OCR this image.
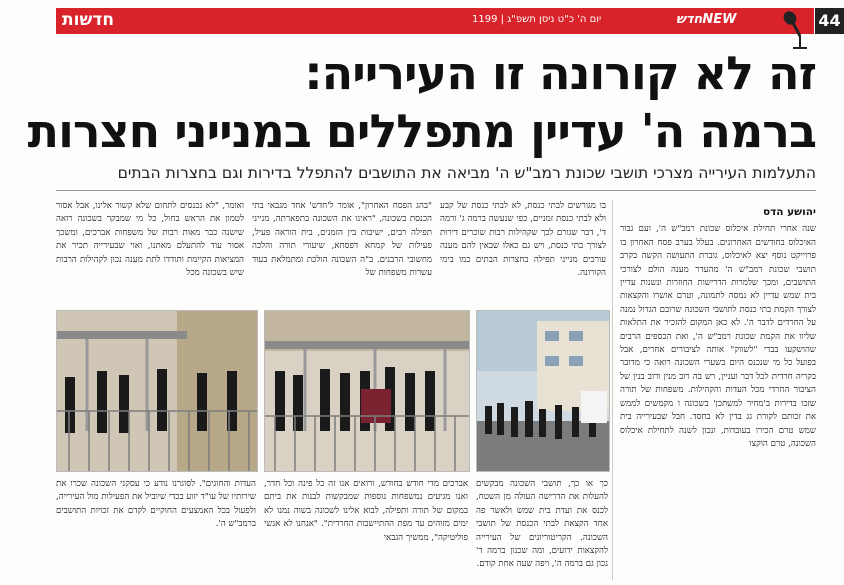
חדשות	יום ה' כ"ט ניסן תשפ"ג | 1199	חדשNEW	44
זה לא קורונה זו העירייה:
ברמה ה' עדיין מתפללים במנייני חצרות
התעלמות העירייה מצרכי תושבי שכונת רמב"ש ה' מביאה את התושבים להתפלל בדירות וגם בחצרות הבתים
יהושע הדס
שנה אחרי תחילת איכלוס שכונת רמב"ש ה', ועם גבור האיכלוס בחודשים האחרונים. בעלל בערב פסח האחרון בו פרוייקט נוסף יצא לאיכלוס, גוברת התעושה הקשה בקרב תושבי שכונת רמב"ש ה' מהעדר מענה הולם לצורכי התושבים, ומכך שלמרות הדרישות החוזרות ונשנות עדיין בית שמש עדיין לא נמסה לתמונה, וטרם אושרו והקצאות לצורך הקמת בתי כנסת לתושבי השכונה שרובם הגדול נמנה על החרדים לדבר ה'. לא כאן המקום להזכיר את התלאות שליוו את הקמת שכונת רמב"ש ה', ואת הכספים הרבים שהושקעו בבדי "לשווק" אותה לציבורים אחרים, אבל בפועל כל מי שנכנס היום בשערי השכונה רואה כי מדובר בקריה חרדית לכל דבר ועניין, רש בה רוב מנין ורוב בנין של הציבור החרדי מכל העדות והקהילות. משפחות של תורה שזכו בדירות ב'מחיר למשתכן' בשכונה ו מקמשים לממש את זכותם לקורת גג בדין לא בחסד. חבל שבעירייה בית שמש טרם הכירו בעובדות, ונכון לשנה לתחילת איכלוס השכונה, טרם הוקצו
בו מגורשים לבתי כנסת, לא לבתי כנסת של קבע ולא לבתי כנסת זמניים, כפי שנעשה ברמה ג' ורמה ד', דבר שגורם לכך שקהילות רבות שוכרים דירות לצורך בתי כנסת, ויש גם כאלו שבאין להם מענה עורכים מנייני תפילה בחצרות הבתים כמו בימי הקורונה.
"בהג הפסח האחרון", אומר ל'חדש' אחד מגבאי בתי הכנסת בשכונה, "ראינו את השכונה בתפארתה, מנייני תפילה רבים, ישיבות בין הזמנים, בית הוראה פעיל, פעילות של קמחא דפסחא, שיעורי תורה והלכה מחשובי הרבנים. ב"ה השכונה הולכת ומתמלאת בעוד עשרות משפחות של
ואומר, "לא נכנסים לתחום שלא קשור אלינו, אבל אסור לטמון את הראש בחול, כל מי שמבקר בשכונה רואה שישנה כבר מאות רבות של משפחות אברכים, ומשכך אסור עוד להתעלם מאתנו, ואוי שבעירייה תכיר את המציאות הקיימת ותודדו לתת מענה נכון לקהילות הרבות שיש בשכונה מכל
כך או כך, תושבי השכונה מבקשים להעלות את הדרישה העולה מן השטח, לכנס את ועדת בית שמש ולאשר פה אחד הקצאת לבתי הכנסת של תושבי השכונה. הקריטוריונים של העירייה להקצאות ידועים, ומה שכנון ברמה ד' נכון גם ברמה ה', ויפה שעה אחת קודם.
אברכים מדי חודש בחודש, ורואים אנו זה כל פינה וכל חדר, ואנו מגיעים נמשפחות נוספות שמבקשות לבנות את ביתם במקום של תורה ותפילה, לבוא אלינו לשכונה בשוה נמנו לא ימים מזוהים עד מפת ההתיישבות החרדית". "אנחנו לא אנשי פוליטיקה", ממשיך הגבאי
העדות והחוגים". לסוגרנו נודע כי עסקני השכונה שכרו את שירותיו של עו"ד יזוע בכדי שיוביל את הפעילות מול העירייה, ולפעול בכל האמצעים החוקיים לקדם את זכויות התושבים ברמב"ש ה'.
